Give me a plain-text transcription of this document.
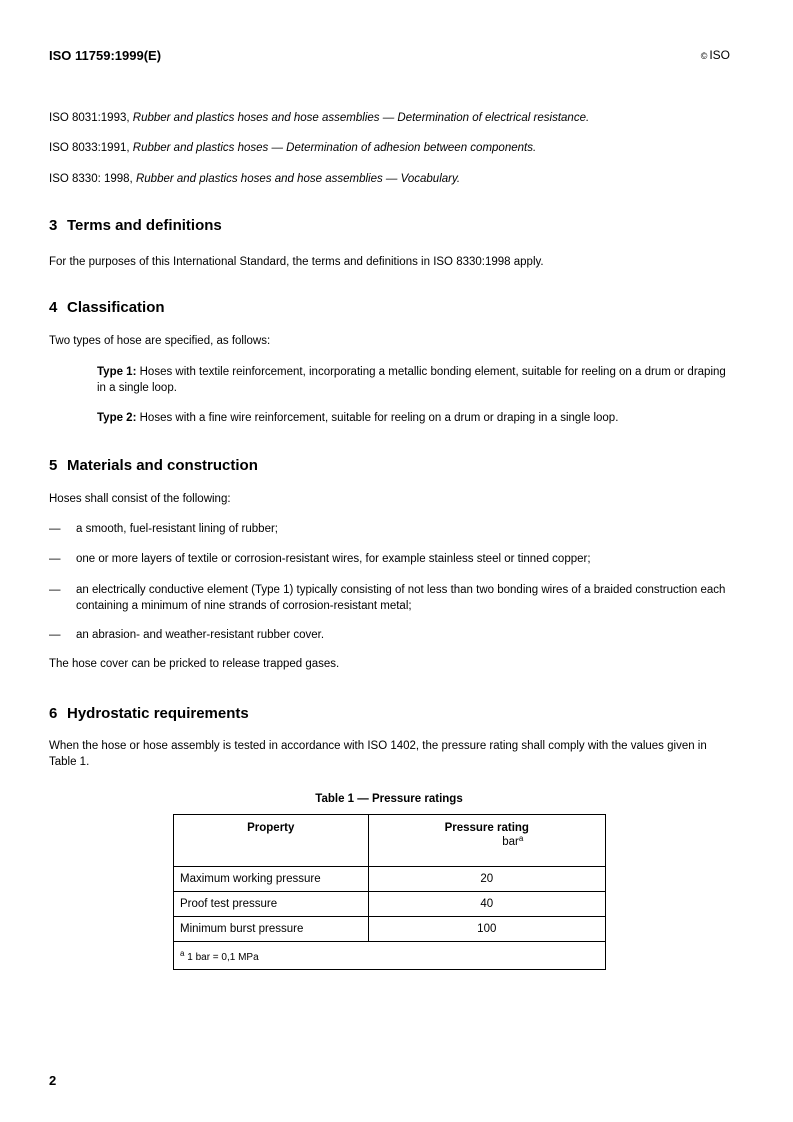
ISO 11759:1999(E)	© ISO
ISO 8031:1993, Rubber and plastics hoses and hose assemblies — Determination of electrical resistance.
ISO 8033:1991, Rubber and plastics hoses — Determination of adhesion between components.
ISO 8330: 1998, Rubber and plastics hoses and hose assemblies — Vocabulary.
3 Terms and definitions
For the purposes of this International Standard, the terms and definitions in ISO 8330:1998 apply.
4 Classification
Two types of hose are specified, as follows:
Type 1: Hoses with textile reinforcement, incorporating a metallic bonding element, suitable for reeling on a drum or draping in a single loop.
Type 2: Hoses with a fine wire reinforcement, suitable for reeling on a drum or draping in a single loop.
5 Materials and construction
Hoses shall consist of the following:
— a smooth, fuel-resistant lining of rubber;
— one or more layers of textile or corrosion-resistant wires, for example stainless steel or tinned copper;
— an electrically conductive element (Type 1) typically consisting of not less than two bonding wires of a braided construction each containing a minimum of nine strands of corrosion-resistant metal;
— an abrasion- and weather-resistant rubber cover.
The hose cover can be pricked to release trapped gases.
6 Hydrostatic requirements
When the hose or hose assembly is tested in accordance with ISO 1402, the pressure rating shall comply with the values given in Table 1.
Table 1 — Pressure ratings
Property	Pressure rating
bar$^a$

Maximum working pressure	20
Proof test pressure	40
Minimum burst pressure	100
$^a$ 1 bar = 0,1 MPa	
2
